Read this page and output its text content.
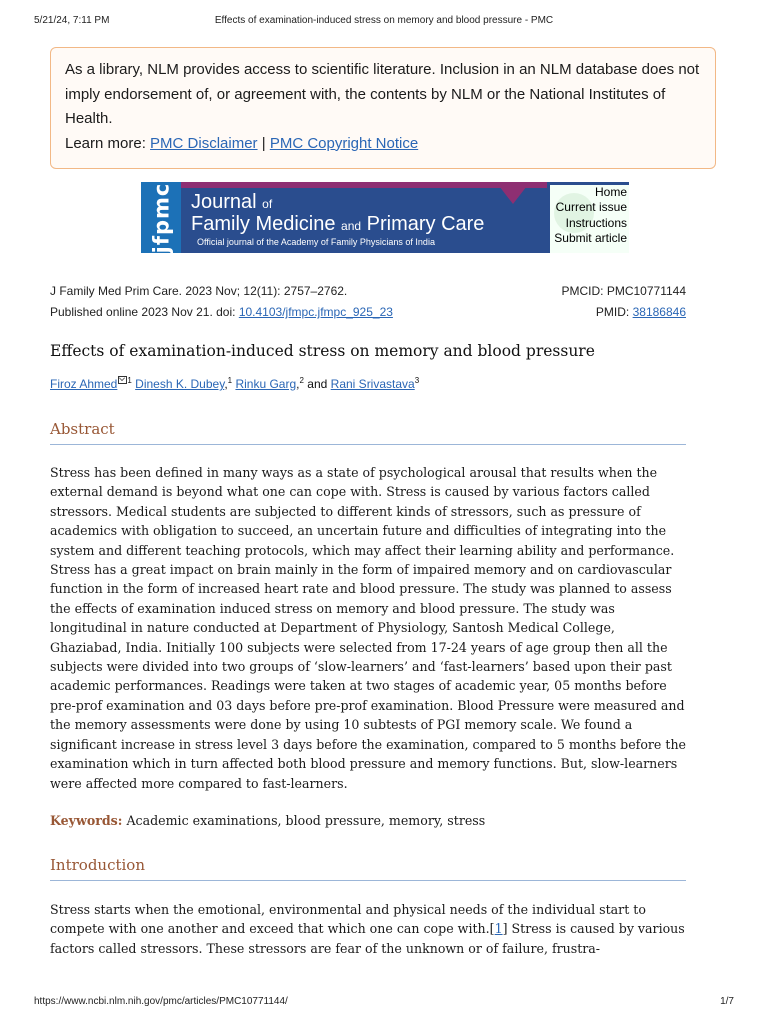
5/21/24, 7:11 PM	Effects of examination-induced stress on memory and blood pressure - PMC
As a library, NLM provides access to scientific literature. Inclusion in an NLM database does not imply endorsement of, or agreement with, the contents by NLM or the National Institutes of Health.
Learn more: PMC Disclaimer | PMC Copyright Notice
jfpmc Journal of
Family Medicine and Primary Care
Official journal of the Academy of Family Physicians of India
Home
Current issue
Instructions
Submit article
J Family Med Prim Care. 2023 Nov; 12(11): 2757–2762.
Published online 2023 Nov 21. doi: 10.4103/jfmpc.jfmpc_925_23
PMCID: PMC10771144
PMID: 38186846
Effects of examination-induced stress on memory and blood pressure
Firoz Ahmed $^1$ Dinesh K. Dubey,$^1$ Rinku Garg,$^2$ and Rani Srivastava$^3$
Abstract

Stress has been defined in many ways as a state of psychological arousal that results when the external demand is beyond what one can cope with. Stress is caused by various factors called stressors. Medical students are subjected to different kinds of stressors, such as pressure of academics with obligation to succeed, an uncertain future and difficulties of integrating into the system and different teaching protocols, which may affect their learning ability and performance. Stress has a great impact on brain mainly in the form of impaired memory and on cardiovascular function in the form of increased heart rate and blood pressure. The study was planned to assess the effects of examination induced stress on memory and blood pressure. The study was longitudinal in nature conducted at Department of Physiology, Santosh Medical College, Ghaziabad, India. Initially 100 subjects were selected from 17-24 years of age group then all the subjects were divided into two groups of ‘slow-learners’ and ‘fast-learners’ based upon their past academic performances. Readings were taken at two stages of academic year, 05 months before pre-prof examination and 03 days before pre-prof examination. Blood Pressure were measured and the memory assessments were done by using 10 subtests of PGI memory scale. We found a significant increase in stress level 3 days before the examination, compared to 5 months before the examination which in turn affected both blood pressure and memory functions. But, slow-learners were affected more compared to fast-learners.

Keywords: Academic examinations, blood pressure, memory, stress

Introduction

Stress starts when the emotional, environmental and physical needs of the individual start to compete with one another and exceed that which one can cope with.[1] Stress is caused by various factors called stressors. These stressors are fear of the unknown or of failure, frustra-

https://www.ncbi.nlm.nih.gov/pmc/articles/PMC10771144/	1/7
